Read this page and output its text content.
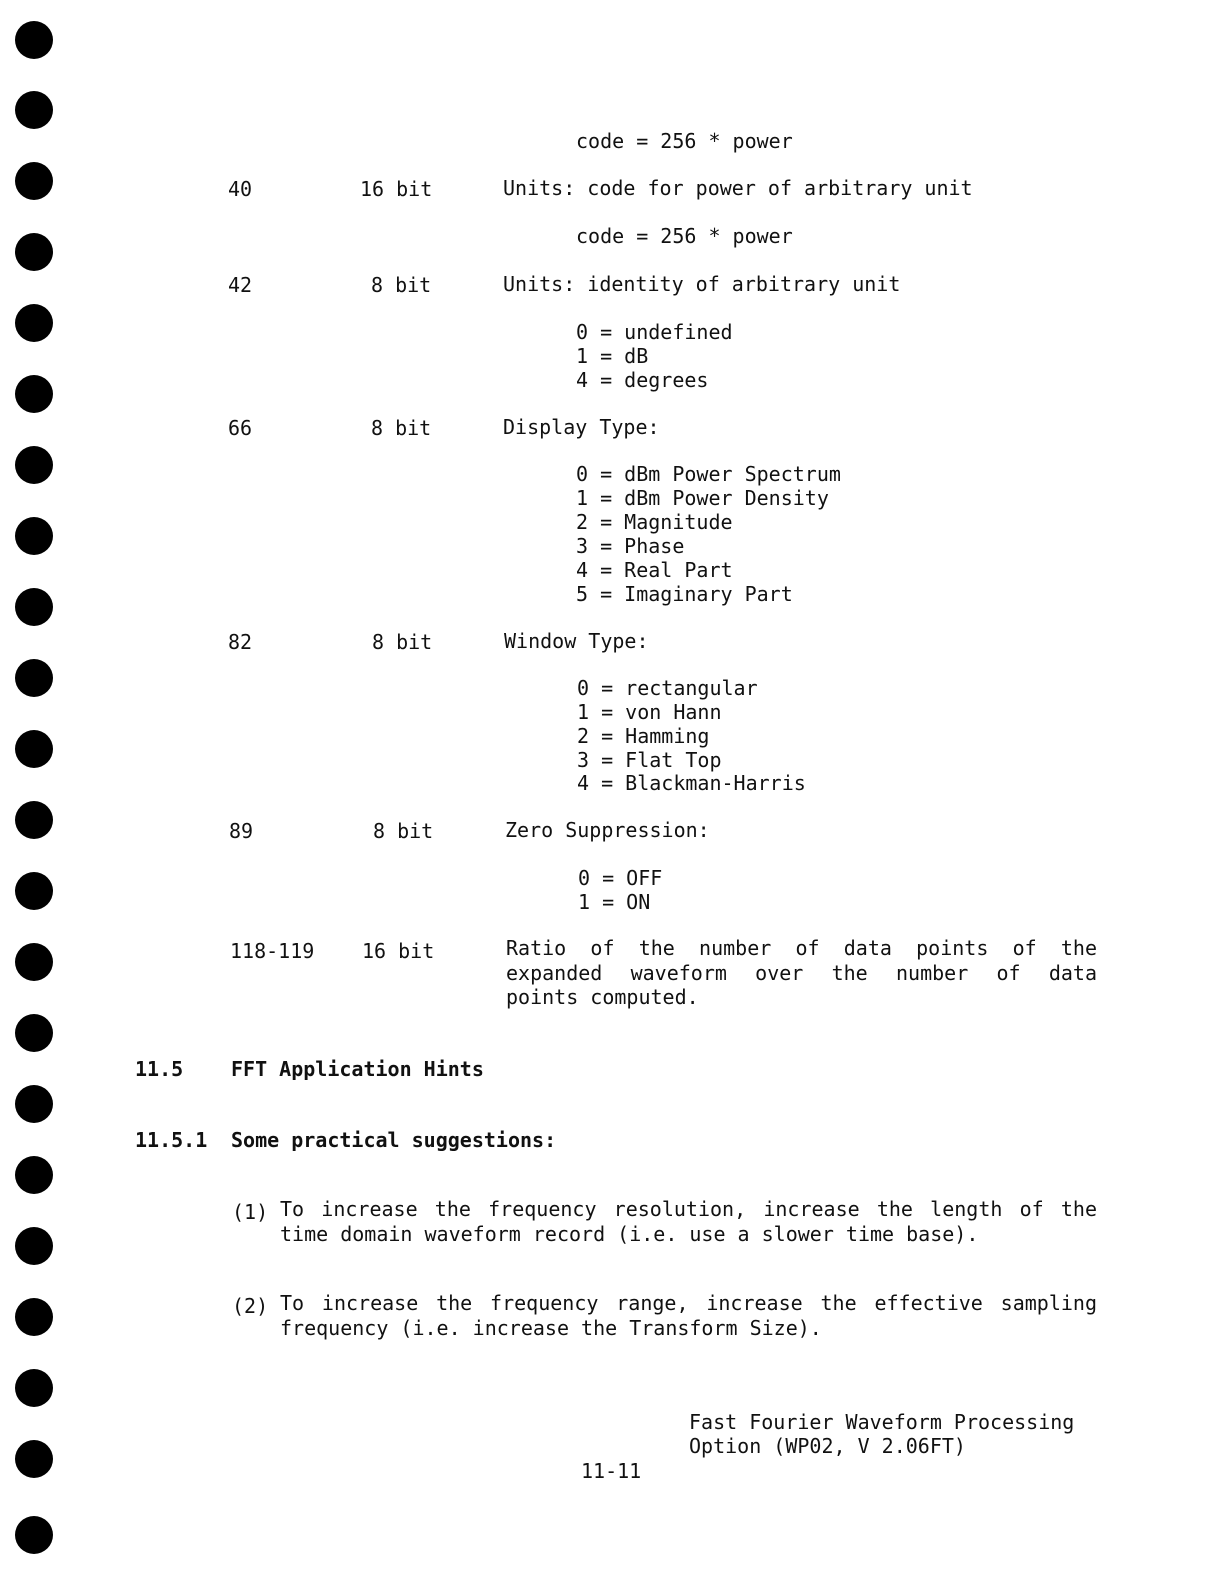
code = 256 * power
40	16 bit	Units: code for power of arbitrary unit
code = 256 * power
42	8 bit	Units: identity of arbitrary unit
0 = undefined
1 = dB
4 = degrees
66	8 bit	Display Type:
0 = dBm Power Spectrum
1 = dBm Power Density
2 = Magnitude
3 = Phase
4 = Real Part
5 = Imaginary Part
82	8 bit	Window Type:
0 = rectangular
1 = von Hann
2 = Hamming
3 = Flat Top
4 = Blackman-Harris
89	8 bit	Zero Suppression:
0 = OFF
1 = ON
118-119 16 bit	Ratio of the number of data points of the
expanded waveform over the number of data
points computed.
11.5 FFT Application Hints
11.5.1 Some practical suggestions:
(1) To increase the frequency resolution, increase the length of the
time domain waveform record (i.e. use a slower time base).
(2) To increase the frequency range, increase the effective sampling
frequency (i.e. increase the Transform Size).
Fast Fourier Waveform Processing
Option (WP02, V 2.06FT)
11-11
